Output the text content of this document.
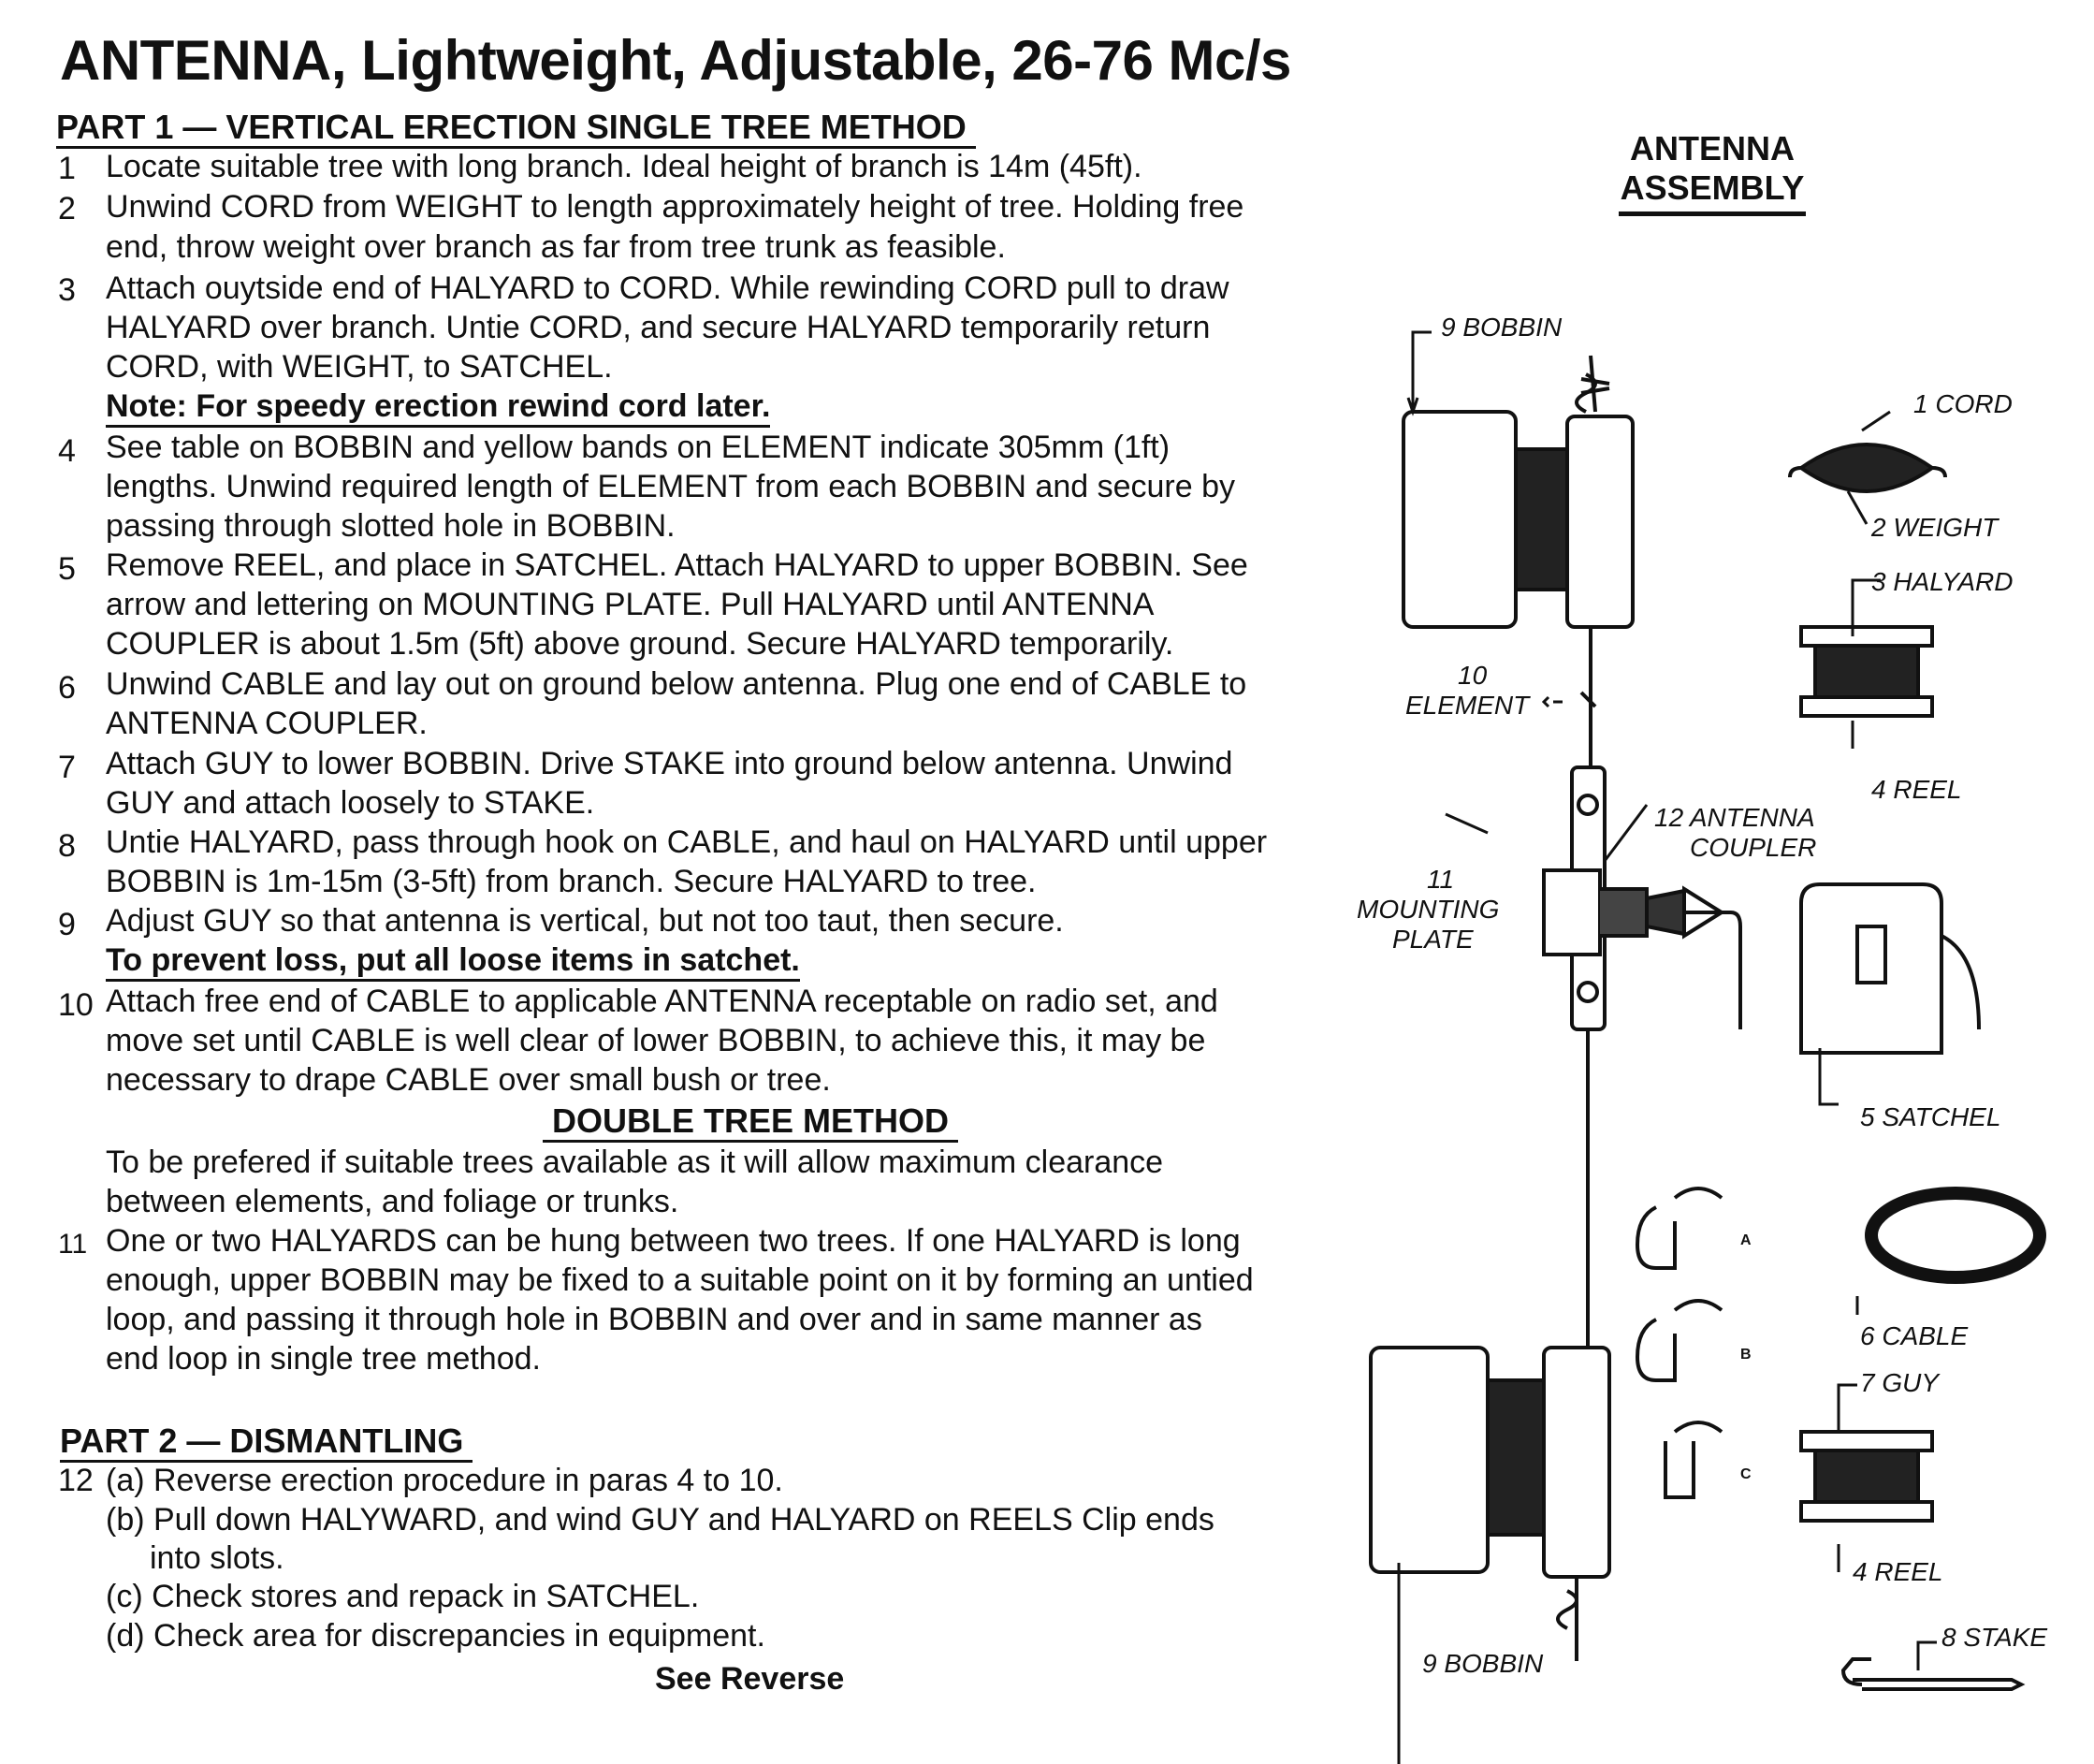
ANTENNA, Lightweight, Adjustable, 26-76 Mc/s
PART 1 — VERTICAL ERECTION SINGLE TREE METHOD
1 Locate suitable tree with long branch. Ideal height of branch is 14m (45ft).
2 Unwind CORD from WEIGHT to length approximately height of tree. Holding free
end, throw weight over branch as far from tree trunk as feasible.
3 Attach ouytside end of HALYARD to CORD. While rewinding CORD pull to draw
HALYARD over branch. Untie CORD, and secure HALYARD temporarily return
CORD, with WEIGHT, to SATCHEL.
Note: For speedy erection rewind cord later.
4 See table on BOBBIN and yellow bands on ELEMENT indicate 305mm (1ft)
lengths. Unwind required length of ELEMENT from each BOBBIN and secure by
passing through slotted hole in BOBBIN.
5 Remove REEL, and place in SATCHEL. Attach HALYARD to upper BOBBIN. See
arrow and lettering on MOUNTING PLATE. Pull HALYARD until ANTENNA
COUPLER is about 1.5m (5ft) above ground. Secure HALYARD temporarily.
6 Unwind CABLE and lay out on ground below antenna. Plug one end of CABLE to
ANTENNA COUPLER.
7 Attach GUY to lower BOBBIN. Drive STAKE into ground below antenna. Unwind
GUY and attach loosely to STAKE.
8 Untie HALYARD, pass through hook on CABLE, and haul on HALYARD until upper
BOBBIN is 1m-15m (3-5ft) from branch. Secure HALYARD to tree.
9 Adjust GUY so that antenna is vertical, but not too taut, then secure.
To prevent loss, put all loose items in satchet.
10 Attach free end of CABLE to applicable ANTENNA receptable on radio set, and
move set until CABLE is well clear of lower BOBBIN, to achieve this, it may be
necessary to drape CABLE over small bush or tree.
DOUBLE TREE METHOD
To be prefered if suitable trees available as it will allow maximum clearance
between elements, and foliage or trunks.
11 One or two HALYARDS can be hung between two trees. If one HALYARD is long
enough, upper BOBBIN may be fixed to a suitable point on it by forming an untied
loop, and passing it through hole in BOBBIN and over and in same manner as
end loop in single tree method.
PART 2 — DISMANTLING
12 (a) Reverse erection procedure in paras 4 to 10.
(b) Pull down HALYWARD, and wind GUY and HALYARD on REELS Clip ends
into slots.
(c) Check stores and repack in SATCHEL.
(d) Check area for discrepancies in equipment.
See Reverse
ANTENNA
ASSEMBLY
9 BOBBIN
1 CORD
2 WEIGHT
3 HALYARD
4 REEL
10
ELEMENT
12 ANTENNA
COUPLER
11
MOUNTING
PLATE
5 SATCHEL
6 CABLE
7 GUY
4 REEL
8 STAKE
9 BOBBIN
A
B
C
